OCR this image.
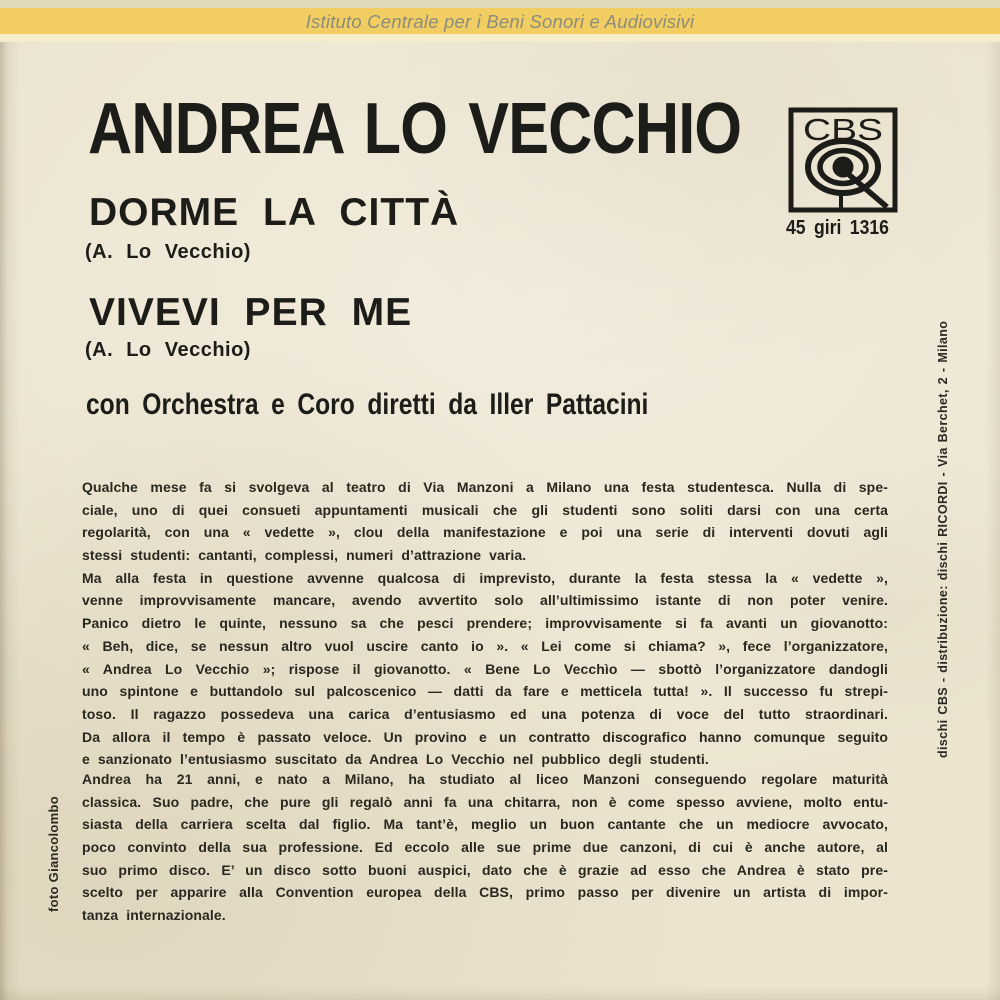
Istituto Centrale per i Beni Sonori e Audiovisivi
ANDREA LO VECCHIO
DORME LA CITTÀ
(A. Lo Vecchio)
VIVEVI PER ME
(A. Lo Vecchio)
con Orchestra e Coro diretti da Iller Pattacini
CBS
45 giri 1316
Qualche mese fa si svolgeva al teatro di Via Manzoni a Milano una festa studentesca. Nulla di spe-
ciale, uno di quei consueti appuntamenti musicali che gli studenti sono soliti darsi con una certa
regolarità, con una « vedette », clou della manifestazione e poi una serie di interventi dovuti agli
stessi studenti: cantanti, complessi, numeri d’attrazione varia.
Ma alla festa in questione avvenne qualcosa di imprevisto, durante la festa stessa la « vedette »,
venne improvvisamente mancare, avendo avvertito solo all’ultimissimo istante di non poter venire.
Panico dietro le quinte, nessuno sa che pesci prendere; improvvisamente si fa avanti un giovanotto:
« Beh, dice, se nessun altro vuol uscire canto io ». « Lei come si chiama? », fece l’organizzatore,
« Andrea Lo Vecchio »; rispose il giovanotto. « Bene Lo Vecchìo — sbottò l’organizzatore dandogli
uno spintone e buttandolo sul palcoscenico — datti da fare e metticela tutta! ». Il successo fu strepi-
toso. Il ragazzo possedeva una carica d’entusiasmo ed una potenza di voce del tutto straordinari.
Da allora il tempo è passato veloce. Un provino e un contratto discografico hanno comunque seguito
e sanzionato l’entusiasmo suscitato da Andrea Lo Vecchio nel pubblico degli studenti.
Andrea ha 21 anni, e nato a Milano, ha studiato al liceo Manzoni conseguendo regolare maturità
classica. Suo padre, che pure gli regalò anni fa una chitarra, non è come spesso avviene, molto entu-
siasta della carriera scelta dal figlio. Ma tant’è, meglio un buon cantante che un mediocre avvocato,
poco convinto della sua professione. Ed eccolo alle sue prime due canzoni, di cui è anche autore, al
suo primo disco. E’ un disco sotto buoni auspici, dato che è grazie ad esso che Andrea è stato pre-
scelto per apparire alla Convention europea della CBS, primo passo per divenire un artista di impor-
tanza internazionale.
dischi CBS - distribuzione: dischi RICORDI - Via Berchet, 2 - Milano
foto Giancolombo
